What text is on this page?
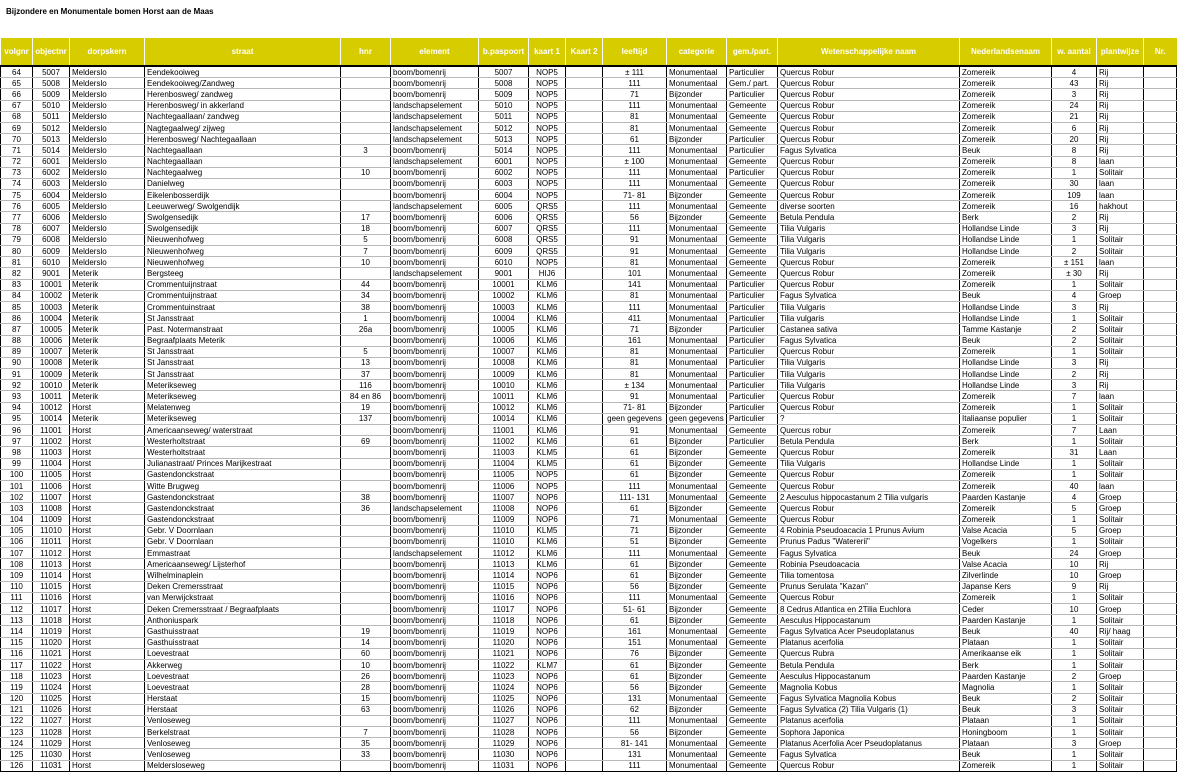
Bijzondere en Monumentale bomen Horst aan de Maas
volgnr	objectnr	dorpskern	straat	hnr	element	b.paspoort	kaart 1	Kaart 2	leeftijd	categorie	gem./part.	Wetenschappelijke naam	Nederlandsenaam	w. aantal	plantwijze	Nr.
64	5007	Melderslo	Eendekooiweg		boom/bomenrij	5007	NOP5		± 111	Monumentaal	Particulier	Quercus Robur	Zomereik	4	Rij	
65	5008	Melderslo	Eendekooiweg/Zandweg		boom/bomenrij	5008	NOP5		111	Monumentaal	Gem./ part.	Quercus Robur	Zomereik	43	Rij	
66	5009	Melderslo	Herenbosweg/ zandweg		boom/bomenrij	5009	NOP5		71	Bijzonder	Particulier	Quercus Robur	Zomereik	3	Rij	
67	5010	Melderslo	Herenbosweg/ in akkerland		landschapselement	5010	NOP5		111	Monumentaal	Gemeente	Quercus Robur	Zomereik	24	Rij	
68	5011	Melderslo	Nachtegaallaan/ zandweg		landschapselement	5011	NOP5		81	Monumentaal	Gemeente	Quercus Robur	Zomereik	21	Rij	
69	5012	Melderslo	Nagtegaalweg/ zijweg		landschapselement	5012	NOP5		81	Monumentaal	Gemeente	Quercus Robur	Zomereik	6	Rij	
70	5013	Melderslo	Herenbosweg/ Nachtegaallaan		landschapselement	5013	NOP5		61	Bijzonder	Particulier	Quercus Robur	Zomereik	20	Rij	
71	5014	Melderslo	Nachtegaallaan	3	boom/bomenrij	5014	NOP5		111	Monumentaal	Particulier	Fagus Sylvatica	Beuk	8	Rij	
72	6001	Melderslo	Nachtegaallaan		landschapselement	6001	NOP5		± 100	Monumentaal	Gemeente	Quercus Robur	Zomereik	8	laan	
73	6002	Melderslo	Nachtegaalweg	10	boom/bomenrij	6002	NOP5		111	Monumentaal	Particulier	Quercus Robur	Zomereik	1	Solitair	
74	6003	Melderslo	Danielweg		boom/bomenrij	6003	NOP5		111	Monumentaal	Gemeente	Quercus Robur	Zomereik	30	laan	
75	6004	Melderslo	Eikelenbosserdijk		boom/bomenrij	6004	NOP5		71- 81	Bijzonder	Gemeente	Quercus Robur	Zomereik	109	laan	
76	6005	Melderslo	Leeuwerweg/ Swolgendijk		landschapselement	6005	QRS5		111	Monumentaal	Gemeente	diverse soorten	Zomereik	16	hakhout	
77	6006	Melderslo	Swolgensedijk	17	boom/bomenrij	6006	QRS5		56	Bijzonder	Gemeente	Betula Pendula	Berk	2	Rij	
78	6007	Melderslo	Swolgensedijk	18	boom/bomenrij	6007	QRS5		111	Monumentaal	Gemeente	Tilia Vulgaris	Hollandse Linde	3	Rij	
79	6008	Melderslo	Nieuwenhofweg	5	boom/bomenrij	6008	QRS5		91	Monumentaal	Gemeente	Tilia Vulgaris	Hollandse Linde	1	Solitair	
80	6009	Melderslo	Nieuwenhofweg	7	boom/bomenrij	6009	QRS5		91	Monumentaal	Gemeente	Tilia Vulgaris	Hollandse Linde	2	Solitair	
81	6010	Melderslo	Nieuwenhofweg	10	boom/bomenrij	6010	NOP5		81	Monumentaal	Gemeente	Quercus Robur	Zomereik	± 151	laan	
82	9001	Meterik	Bergsteeg		landschapselement	9001	HIJ6		101	Monumentaal	Gemeente	Quercus Robur	Zomereik	± 30	Rij	
83	10001	Meterik	Crommentuijnstraat	44	boom/bomenrij	10001	KLM6		141	Monumentaal	Particulier	Quercus Robur	Zomereik	1	Solitair	
84	10002	Meterik	Crommentuijnstraat	34	boom/bomenrij	10002	KLM6		81	Monumentaal	Particulier	Fagus Sylvatica	Beuk	4	Groep	
85	10003	Meterik	Crommentuinstraat	38	boom/bomenrij	10003	KLM6		111	Monumentaal	Particulier	Tilia Vulgaris	Hollandse Linde	3	Rij	
86	10004	Meterik	St Jansstraat	1	boom/bomenrij	10004	KLM6		411	Monumentaal	Particulier	Tilia vulgaris	Hollandse Linde	1	Solitair	
87	10005	Meterik	Past. Notermanstraat	26a	boom/bomenrij	10005	KLM6		71	Bijzonder	Particulier	Castanea sativa	Tamme Kastanje	2	Solitair	
88	10006	Meterik	Begraafplaats Meterik		boom/bomenrij	10006	KLM6		161	Monumentaal	Particulier	Fagus Sylvatica	Beuk	2	Solitair	
89	10007	Meterik	St Jansstraat	5	boom/bomenrij	10007	KLM6		81	Monumentaal	Particulier	Quercus Robur	Zomereik	1	Solitair	
90	10008	Meterik	St Jansstraat	13	boom/bomenrij	10008	KLM6		81	Monumentaal	Particulier	Tilia Vulgaris	Hollandse Linde	3	Rij	
91	10009	Meterik	St Jansstraat	37	boom/bomenrij	10009	KLM6		81	Monumentaal	Particulier	Tilia Vulgaris	Hollandse Linde	2	Rij	
92	10010	Meterik	Meterikseweg	116	boom/bomenrij	10010	KLM6		± 134	Monumentaal	Particulier	Tilia Vulgaris	Hollandse Linde	3	Rij	
93	10011	Meterik	Meterikseweg	84 en 86	boom/bomenrij	10011	KLM6		91	Monumentaal	Particulier	Quercus Robur	Zomereik	7	laan	
94	10012	Horst	Melatenweg	19	boom/bomenrij	10012	KLM6		71- 81	Bijzonder	Particulier	Quercus Robur	Zomereik	1	Solitair	
95	10014	Meterik	Meterikseweg	137	boom/bomenrij	10014	KLM6		geen gegevens	geen gegevens	Particulier	?	Italiaanse populier	1	Solitair	
96	11001	Horst	Americaanseweg/ waterstraat		boom/bomenrij	11001	KLM6		91	Monumentaal	Gemeente	Quercus robur	Zomereik	7	Laan	
97	11002	Horst	Westerholtstraat	69	boom/bomenrij	11002	KLM6		61	Bijzonder	Particulier	Betula Pendula	Berk	1	Solitair	
98	11003	Horst	Westerholtstraat		boom/bomenrij	11003	KLM5		61	Bijzonder	Gemeente	Quercus Robur	Zomereik	31	Laan	
99	11004	Horst	Julianastraat/ Princes Marijkestraat		boom/bomenrij	11004	KLM5		61	Bijzonder	Gemeente	Tilia Vulgaris	Hollandse Linde	1	Solitair	
100	11005	Horst	Gastendonckstraat		boom/bomenrij	11005	NOP5		61	Bijzonder	Gemeente	Quercus Robur	Zomereik	1	Solitair	
101	11006	Horst	Witte Brugweg		boom/bomenrij	11006	NOP5		111	Monumentaal	Gemeente	Quercus Robur	Zomereik	40	laan	
102	11007	Horst	Gastendonckstraat	38	boom/bomenrij	11007	NOP6		111- 131	Monumentaal	Gemeente	2 Aesculus hippocastanum 2 Tilia vulgaris	Paarden Kastanje	4	Groep	
103	11008	Horst	Gastendonckstraat	36	landschapselement	11008	NOP6		61	Bijzonder	Gemeente	Quercus Robur	Zomereik	5	Groep	
104	11009	Horst	Gastendonckstraat		boom/bomenrij	11009	NOP6		71	Monumentaal	Gemeente	Quercus Robur	Zomereik	1	Solitair	
105	11010	Horst	Gebr. V Doornlaan		boom/bomenrij	11010	KLM5		71	Bijzonder	Gemeente	4 Robinia Pseudoacacia 1 Prunus Avium	Valse Acacia	5	Groep	
106	11011	Horst	Gebr. V Doornlaan		boom/bomenrij	11010	KLM6		51	Bijzonder	Gemeente	Prunus Padus "Watererii"	Vogelkers	1	Solitair	
107	11012	Horst	Emmastraat		landschapselement	11012	KLM6		111	Monumentaal	Gemeente	Fagus Sylvatica	Beuk	24	Groep	
108	11013	Horst	Americaanseweg/ Lijsterhof		boom/bomenrij	11013	KLM6		61	Bijzonder	Gemeente	Robinia Pseudoacacia	Valse Acacia	10	Rij	
109	11014	Horst	Wilhelminaplein		boom/bomenrij	11014	NOP6		61	Bijzonder	Gemeente	Tilia tomentosa	Zilverlinde	10	Groep	
110	11015	Horst	Deken Cremersstraat		boom/bomenrij	11015	NOP6		56	Bijzonder	Gemeente	Prunus Serulata "Kazan"	Japanse Kers	9	Rij	
111	11016	Horst	van Merwijckstraat		boom/bomenrij	11016	NOP6		111	Monumentaal	Gemeente	Quercus Robur	Zomereik	1	Solitair	
112	11017	Horst	Deken Cremersstraat / Begraafplaats		boom/bomenrij	11017	NOP6		51- 61	Bijzonder	Gemeente	8 Cedrus Atlantica en 2Tilia Euchlora	Ceder	10	Groep	
113	11018	Horst	Anthoniuspark		boom/bomenrij	11018	NOP6		61	Bijzonder	Gemeente	Aesculus Hippocastanum	Paarden Kastanje	1	Solitair	
114	11019	Horst	Gasthuisstraat	19	boom/bomenrij	11019	NOP6		161	Monumentaal	Gemeente	Fagus Sylvatica Acer Pseudoplatanus	Beuk	40	Rij/ haag	
115	11020	Horst	Gasthuisstraat	14	boom/bomenrij	11020	NOP6		151	Monumentaal	Gemeente	Platanus acerfolia	Plataan	1	Solitair	
116	11021	Horst	Loevestraat	60	boom/bomenrij	11021	NOP6		76	Bijzonder	Gemeente	Quercus Rubra	Amerikaanse eik	1	Solitair	
117	11022	Horst	Akkerweg	10	boom/bomenrij	11022	KLM7		61	Bijzonder	Gemeente	Betula Pendula	Berk	1	Solitair	
118	11023	Horst	Loevestraat	26	boom/bomenrij	11023	NOP6		61	Bijzonder	Gemeente	Aesculus Hippocastanum	Paarden Kastanje	2	Groep	
119	11024	Horst	Loevestraat	28	boom/bomenrij	11024	NOP6		56	Bijzonder	Gemeente	Magnolia Kobus	Magnolia	1	Solitair	
120	11025	Horst	Herstaat	15	boom/bomenrij	11025	NOP6		131	Monumentaal	Gemeente	Fagus Sylvatica Magnolia Kobus	Beuk	2	Solitair	
121	11026	Horst	Herstaat	63	boom/bomenrij	11026	NOP6		62	Bijzonder	Gemeente	Fagus Sylvatica (2) Tilia Vulgaris (1)	Beuk	3	Solitair	
122	11027	Horst	Venloseweg		boom/bomenrij	11027	NOP6		111	Monumentaal	Gemeente	Platanus acerfolia	Plataan	1	Solitair	
123	11028	Horst	Berkelstraat	7	boom/bomenrij	11028	NOP6		56	Bijzonder	Gemeente	Sophora Japonica	Honingboom	1	Solitair	
124	11029	Horst	Venloseweg	35	boom/bomenrij	11029	NOP6		81- 141	Monumentaal	Gemeente	Platanus Acerfolia Acer Pseudoplatanus	Plataan	3	Groep	
125	11030	Horst	Venloseweg	33	boom/bomenrij	11030	NOP6		131	Monumentaal	Gemeente	Fagus Sylvatica	Beuk	1	Solitair	
126	11031	Horst	Meldersloseweg		boom/bomenrij	11031	NOP6		111	Monumentaal	Gemeente	Quercus Robur	Zomereik	1	Solitair	
